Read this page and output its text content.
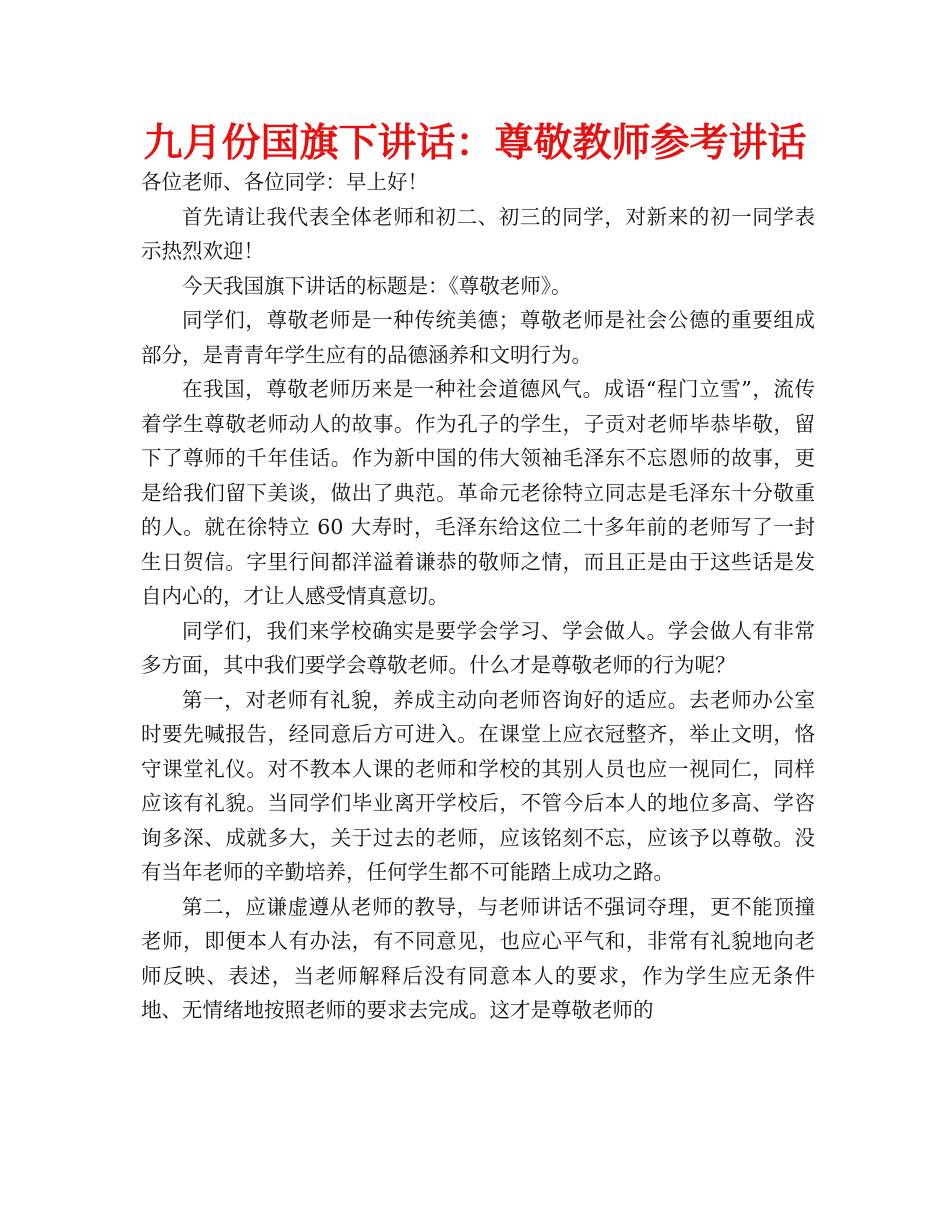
九月份国旗下讲话：尊敬教师参考讲话

各位老师、各位同学：早上好！

首先请让我代表全体老师和初二、初三的同学，对新来的初一同学表示热烈欢迎！

今天我国旗下讲话的标题是：《尊敬老师》。

同学们，尊敬老师是一种传统美德；尊敬老师是社会公德的重要组成部分，是青青年学生应有的品德涵养和文明行为。

在我国，尊敬老师历来是一种社会道德风气。成语“程门立雪”，流传着学生尊敬老师动人的故事。作为孔子的学生，子贡对老师毕恭毕敬，留下了尊师的千年佳话。作为新中国的伟大领袖毛泽东不忘恩师的故事，更是给我们留下美谈，做出了典范。革命元老徐特立同志是毛泽东十分敬重的人。就在徐特立 60 大寿时，毛泽东给这位二十多年前的老师写了一封生日贺信。字里行间都洋溢着谦恭的敬师之情，而且正是由于这些话是发自内心的，才让人感受情真意切。

同学们，我们来学校确实是要学会学习、学会做人。学会做人有非常多方面，其中我们要学会尊敬老师。什么才是尊敬老师的行为呢？

第一，对老师有礼貌，养成主动向老师咨询好的适应。去老师办公室时要先喊报告，经同意后方可进入。在课堂上应衣冠整齐，举止文明，恪守课堂礼仪。对不教本人课的老师和学校的其别人员也应一视同仁，同样应该有礼貌。当同学们毕业离开学校后，不管今后本人的地位多高、学咨询多深、成就多大，关于过去的老师，应该铭刻不忘，应该予以尊敬。没有当年老师的辛勤培养，任何学生都不可能踏上成功之路。

第二，应谦虚遵从老师的教导，与老师讲话不强词夺理，更不能顶撞老师，即便本人有办法，有不同意见，也应心平气和，非常有礼貌地向老师反映、表述，当老师解释后没有同意本人的要求，作为学生应无条件地、无情绪地按照老师的要求去完成。这才是尊敬老师的
